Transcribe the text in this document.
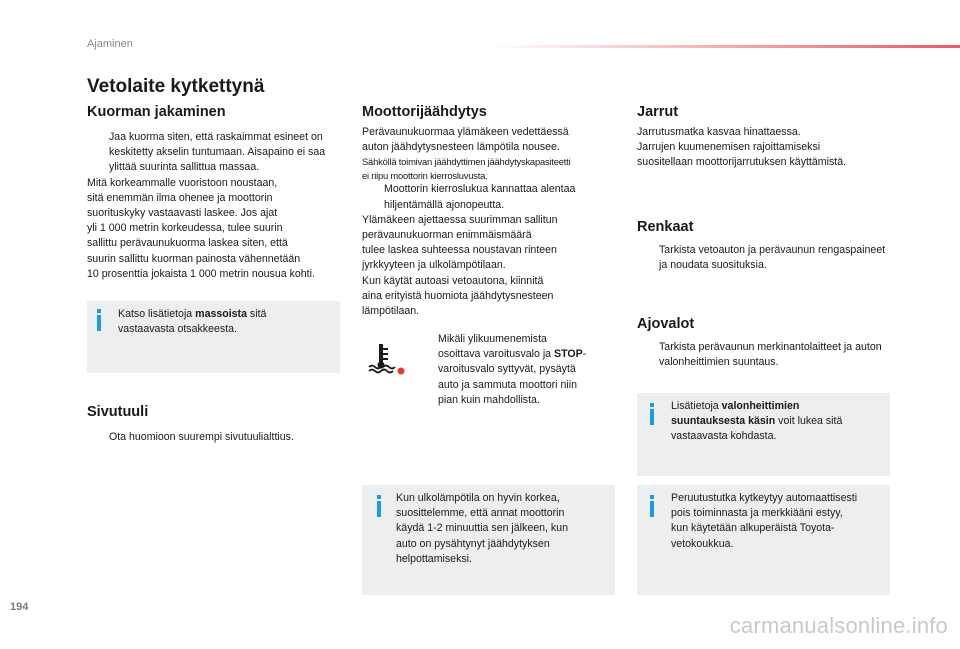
Ajaminen
Vetolaite kytkettynä
Kuorman jakaminen
Jaa kuorma siten, että raskaimmat esineet on keskitetty akselin tuntumaan. Aisapaino ei saa ylittää suurinta sallittua massaa.

Mitä korkeammalle vuoristoon noustaan,

sitä enemmän ilma ohenee ja moottorin

suorituskyky vastaavasti laskee. Jos ajat

yli 1 000 metrin korkeudessa, tulee suurin

sallittu perävaunukuorma laskea siten, että

suurin sallittu kuorman painosta vähennetään

10 prosenttia jokaista 1 000 metrin nousua kohti.

Katso lisätietoja massoista sitä
vastaavasta otsakkeesta.
Sivutuuli
Ota huomioon suurempi sivutuulialttius.
Moottorijäähdytys

Perävaunukuormaa ylämäkeen vedettäessä

auton jäähdytysnesteen lämpötila nousee.

Sähköllä toimivan jäähdyttimen jäähdytyskapasiteetti

ei riipu moottorin kierrosluvusta.

Moottorin kierroslukua kannattaa alentaa hiljentämällä ajonopeutta.

Ylämäkeen ajettaessa suurimman sallitun

perävaunukuorman enimmäismäärä

tulee laskea suhteessa noustavan rinteen

jyrkkyyteen ja ulkolämpötilaan.

Kun käytät autoasi vetoautona, kiinnitä

aina erityistä huomiota jäähdytysnesteen

lämpötilaan.

Mikäli ylikuumenemista
osoittava varoitusvalo ja STOP-
varoitusvalo syttyvät, pysäytä
auto ja sammuta moottori niin
pian kuin mahdollista.
Kun ulkolämpötila on hyvin korkea,
suosittelemme, että annat moottorin
käydä 1-2 minuuttia sen jälkeen, kun
auto on pysähtynyt jäähdytyksen
helpottamiseksi.
Jarrut

Jarrutusmatka kasvaa hinattaessa.

Jarrujen kuumenemisen rajoittamiseksi

suositellaan moottorijarrutuksen käyttämistä.

Renkaat
Tarkista vetoauton ja perävaunun rengaspaineet ja noudata suosituksia.
Ajovalot
Tarkista perävaunun merkinantolaitteet ja auton valonheittimien suuntaus.
Lisätietoja valonheittimien
suuntauksesta käsin voit lukea sitä
vastaavasta kohdasta.
Peruutustutka kytkeytyy automaattisesti
pois toiminnasta ja merkkiääni estyy,
kun käytetään alkuperäistä Toyota-
vetokoukkua.
194
carmanualsonline.info
